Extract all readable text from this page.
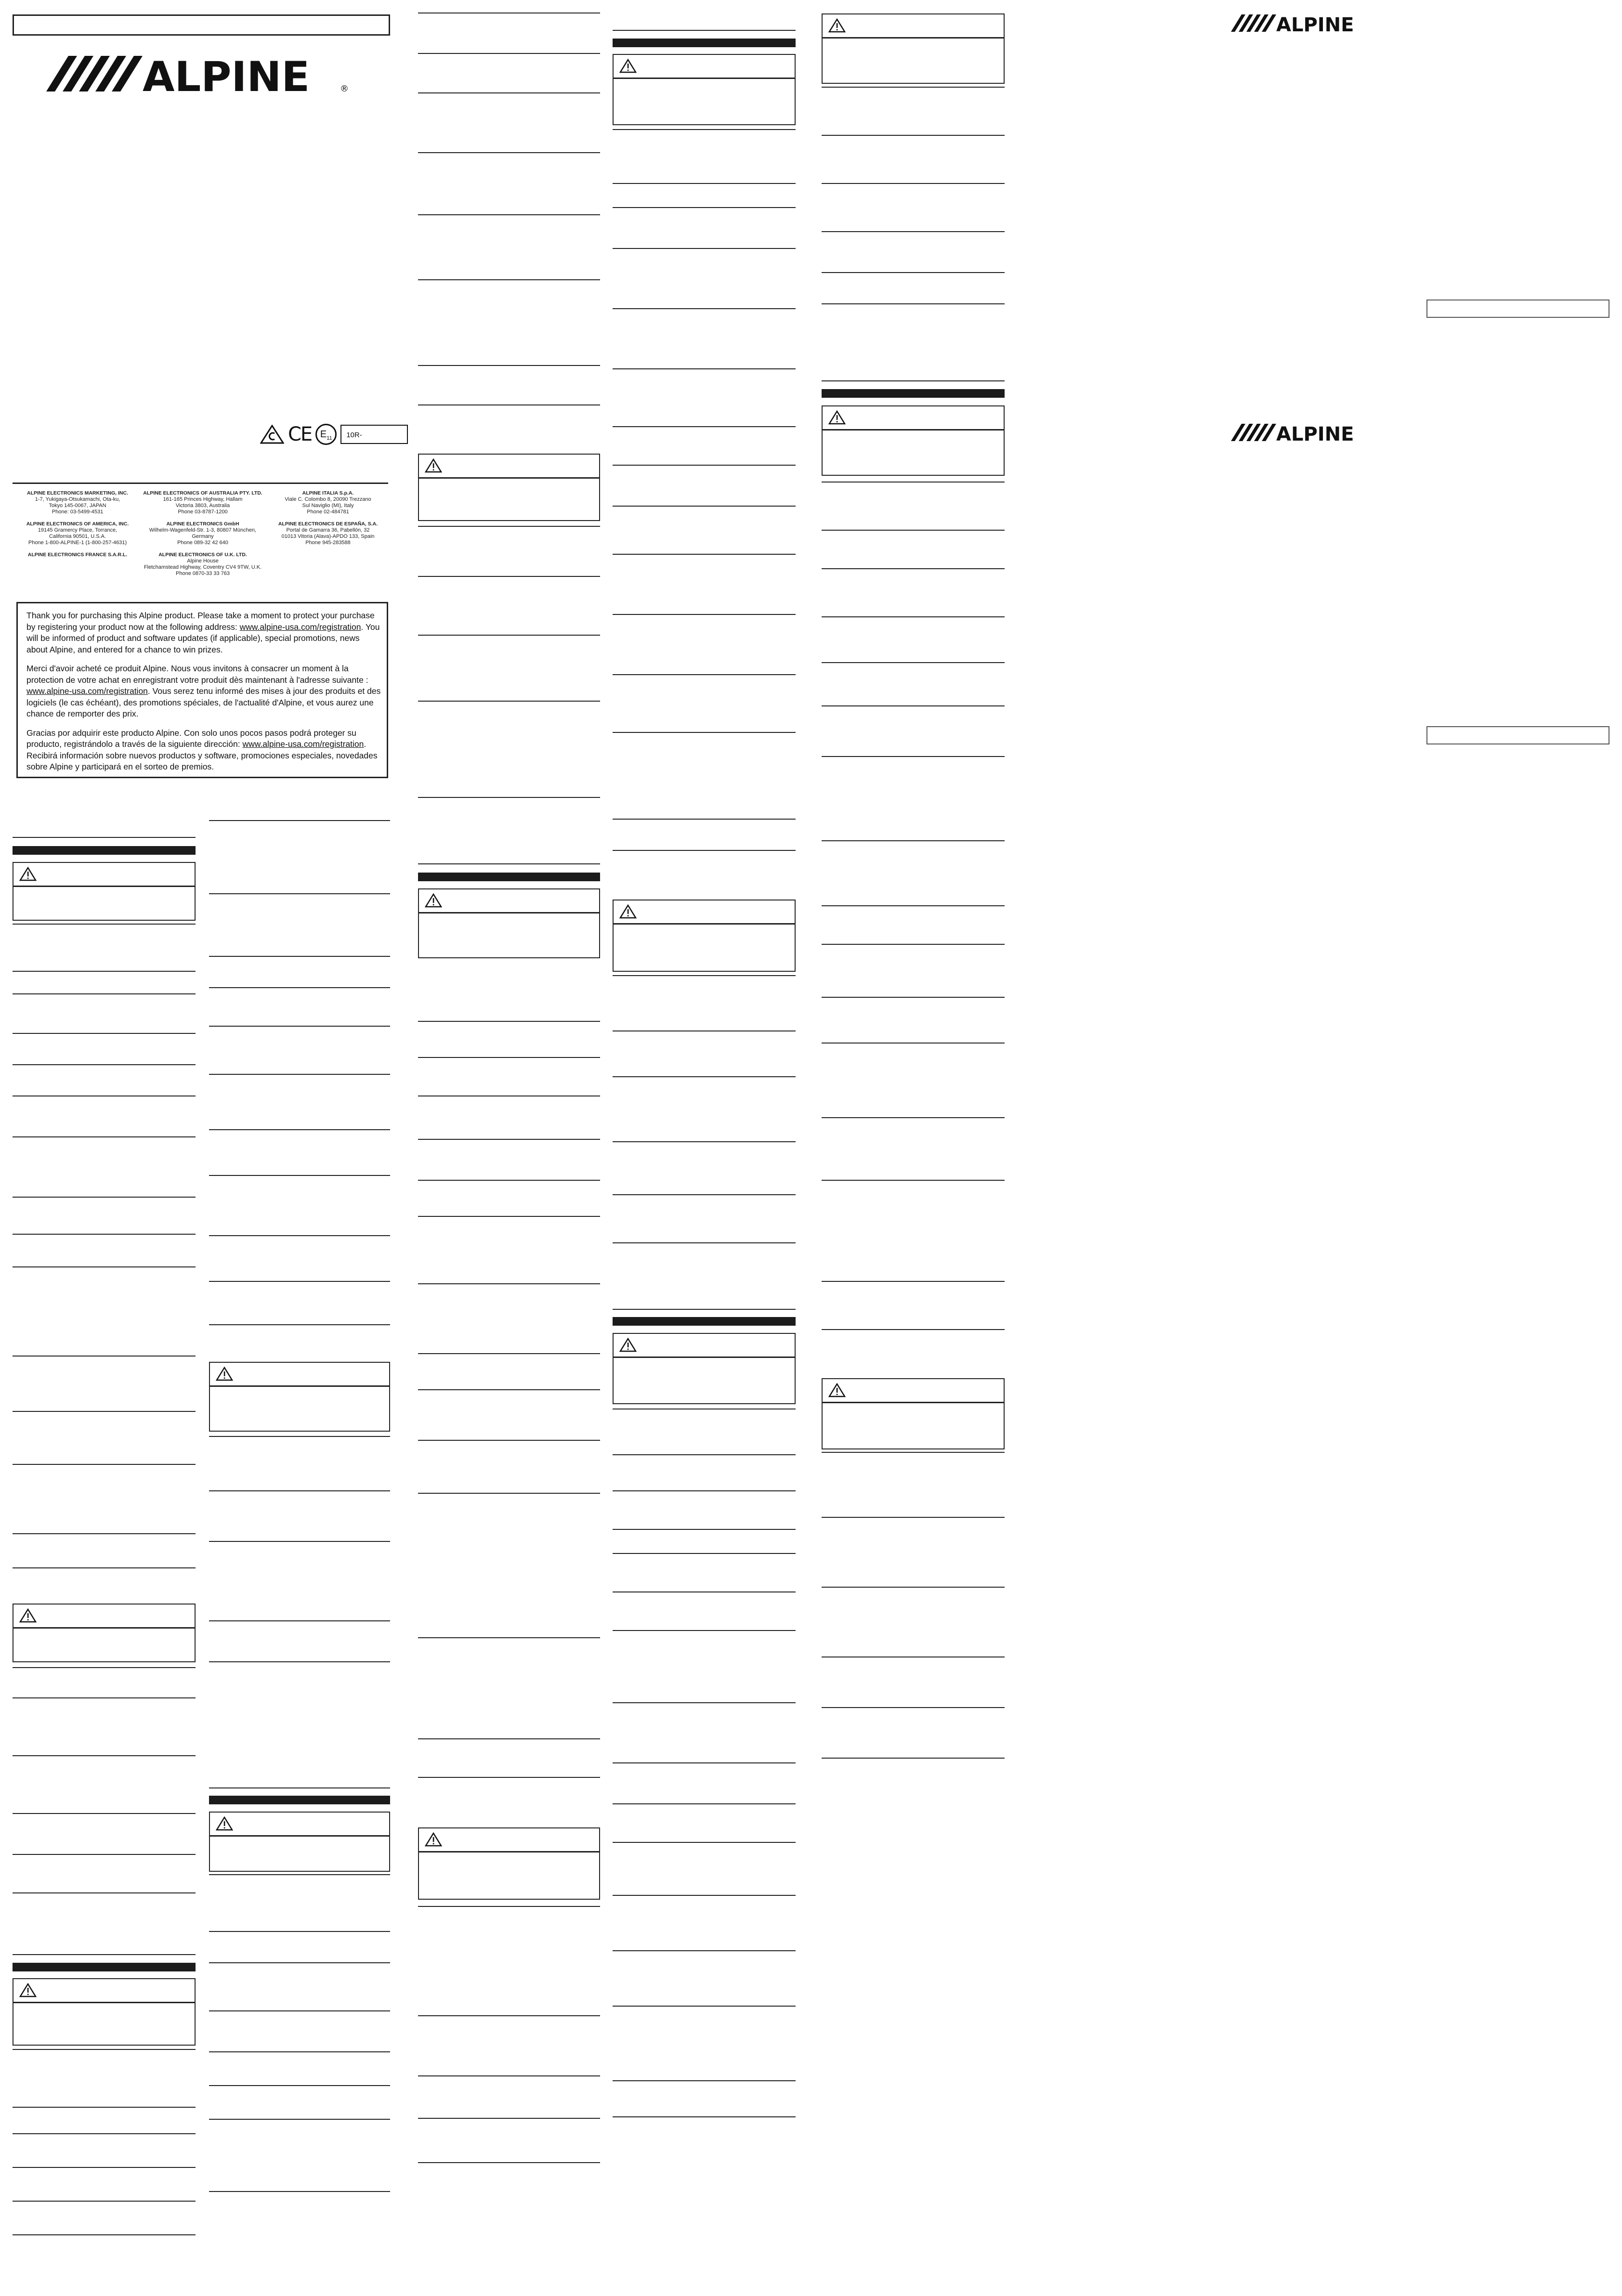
ALPINE	®
CE $E_{11}$	10R-
ALPINE ELECTRONICS MARKETING, INC.
1-7, Yukigaya-Otsukamachi, Ota-ku,
Tokyo 145-0067, JAPAN
Phone: 03-5499-4531
ALPINE ELECTRONICS OF AUSTRALIA PTY. LTD.
161-165 Princes Highway, Hallam
Victoria 3803, Australia
Phone 03-8787-1200
ALPINE ITALIA S.p.A.
Viale C. Colombo 8, 20090 Trezzano
Sul Naviglio (MI), Italy
Phone 02-484781
ALPINE ELECTRONICS OF AMERICA, INC.
19145 Gramercy Place, Torrance,
California 90501, U.S.A.
Phone 1-800-ALPINE-1 (1-800-257-4631)
ALPINE ELECTRONICS GmbH
Wilhelm-Wagenfeld-Str. 1-3, 80807 München,
Germany
Phone 089-32 42 640
ALPINE ELECTRONICS DE ESPAÑA, S.A.
Portal de Gamarra 36, Pabellón, 32
01013 Vitoria (Alava)-APDO 133, Spain
Phone 945-283588
ALPINE ELECTRONICS FRANCE S.A.R.L.	ALPINE ELECTRONICS OF U.K. LTD.
Alpine House
Fletchamstead Highway, Coventry CV4 9TW, U.K.
Phone 0870-33 33 763

Thank you for purchasing this Alpine product. Please take a moment to protect your purchase by registering your product now at the following address: www.alpine-usa.com/registration. You will be informed of product and software updates (if applicable), special promotions, news about Alpine, and entered for a chance to win prizes.

Merci d'avoir acheté ce produit Alpine. Nous vous invitons à consacrer un moment à la protection de votre achat en enregistrant votre produit dès maintenant à l'adresse suivante : www.alpine-usa.com/registration. Vous serez tenu informé des mises à jour des produits et des logiciels (le cas échéant), des promotions spéciales, de l'actualité d'Alpine, et vous aurez une chance de remporter des prix.

Gracias por adquirir este producto Alpine. Con solo unos pocos pasos podrá proteger su producto, registrándolo a través de la siguiente dirección: www.alpine-usa.com/registration. Recibirá información sobre nuevos productos y software, promociones especiales, novedades sobre Alpine y participará en el sorteo de premios.

ALPINE
ALPINE
